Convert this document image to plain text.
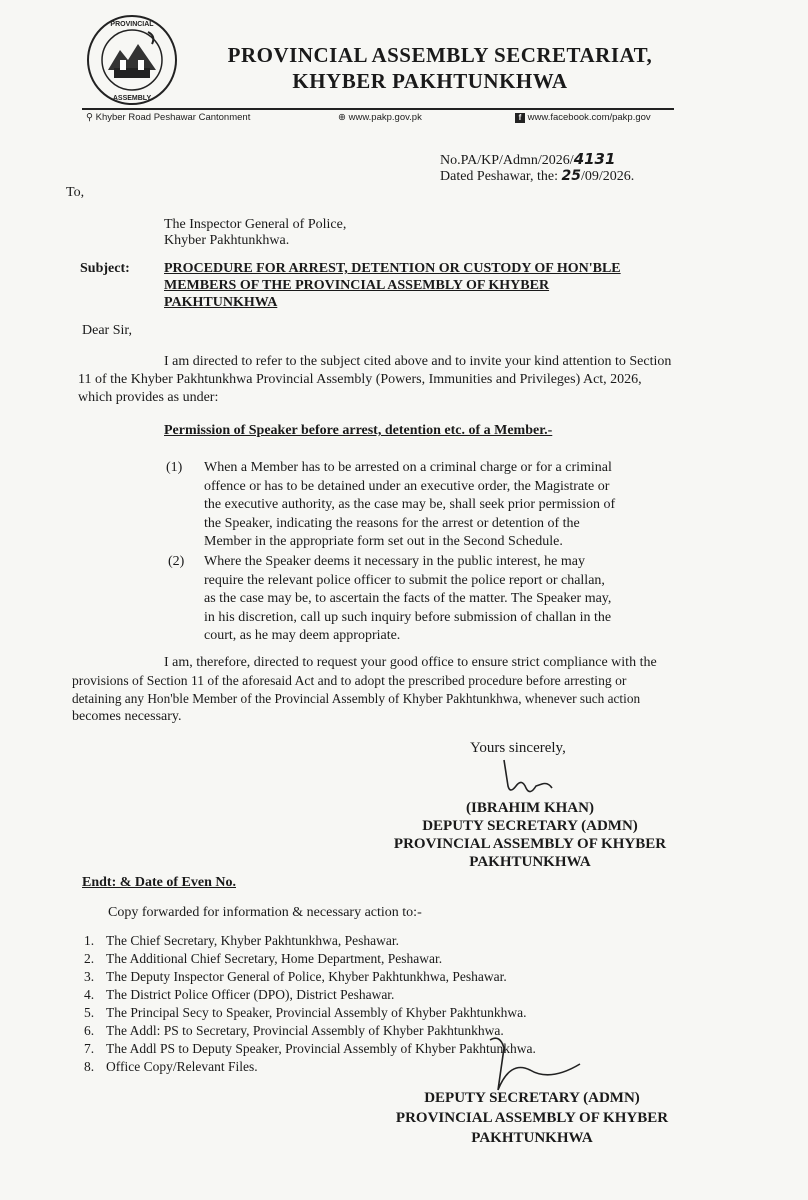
PROVINCIAL
ASSEMBLY
PROVINCIAL ASSEMBLY SECRETARIAT,
KHYBER PAKHTUNKHWA
⚲ Khyber Road Peshawar Cantonment	⊕ www.pakp.gov.pk	f www.facebook.com/pakp.gov
No.PA/KP/Admn/2026/4131
Dated Peshawar, the: 25/09/2026.
To,
The Inspector General of Police,
Khyber Pakhtunkhwa.
Subject: PROCEDURE FOR ARREST, DETENTION OR CUSTODY OF HON'BLE
MEMBERS OF THE PROVINCIAL ASSEMBLY OF KHYBER
PAKHTUNKHWA
Dear Sir,
I am directed to refer to the subject cited above and to invite your kind attention to Section
11 of the Khyber Pakhtunkhwa Provincial Assembly (Powers, Immunities and Privileges) Act, 2026,
which provides as under:
Permission of Speaker before arrest, detention etc. of a Member.-
(1) When a Member has to be arrested on a criminal charge or for a criminal
offence or has to be detained under an executive order, the Magistrate or
the executive authority, as the case may be, shall seek prior permission of
the Speaker, indicating the reasons for the arrest or detention of the
Member in the appropriate form set out in the Second Schedule.
(2) Where the Speaker deems it necessary in the public interest, he may
require the relevant police officer to submit the police report or challan,
as the case may be, to ascertain the facts of the matter. The Speaker may,
in his discretion, call up such inquiry before submission of challan in the
court, as he may deem appropriate.
I am, therefore, directed to request your good office to ensure strict compliance with the
provisions of Section 11 of the aforesaid Act and to adopt the prescribed procedure before arresting or
detaining any Hon'ble Member of the Provincial Assembly of Khyber Pakhtunkhwa, whenever such action
becomes necessary.
Yours sincerely,
(IBRAHIM KHAN)
DEPUTY SECRETARY (ADMN)
PROVINCIAL ASSEMBLY OF KHYBER
PAKHTUNKHWA
Endt: & Date of Even No.
Copy forwarded for information & necessary action to:-
1. The Chief Secretary, Khyber Pakhtunkhwa, Peshawar.
2. The Additional Chief Secretary, Home Department, Peshawar.
3. The Deputy Inspector General of Police, Khyber Pakhtunkhwa, Peshawar.
4. The District Police Officer (DPO), District Peshawar.
5. The Principal Secy to Speaker, Provincial Assembly of Khyber Pakhtunkhwa.
6. The Addl: PS to Secretary, Provincial Assembly of Khyber Pakhtunkhwa.
7. The Addl PS to Deputy Speaker, Provincial Assembly of Khyber Pakhtunkhwa.
8. Office Copy/Relevant Files.
DEPUTY SECRETARY (ADMN)
PROVINCIAL ASSEMBLY OF KHYBER
PAKHTUNKHWA
